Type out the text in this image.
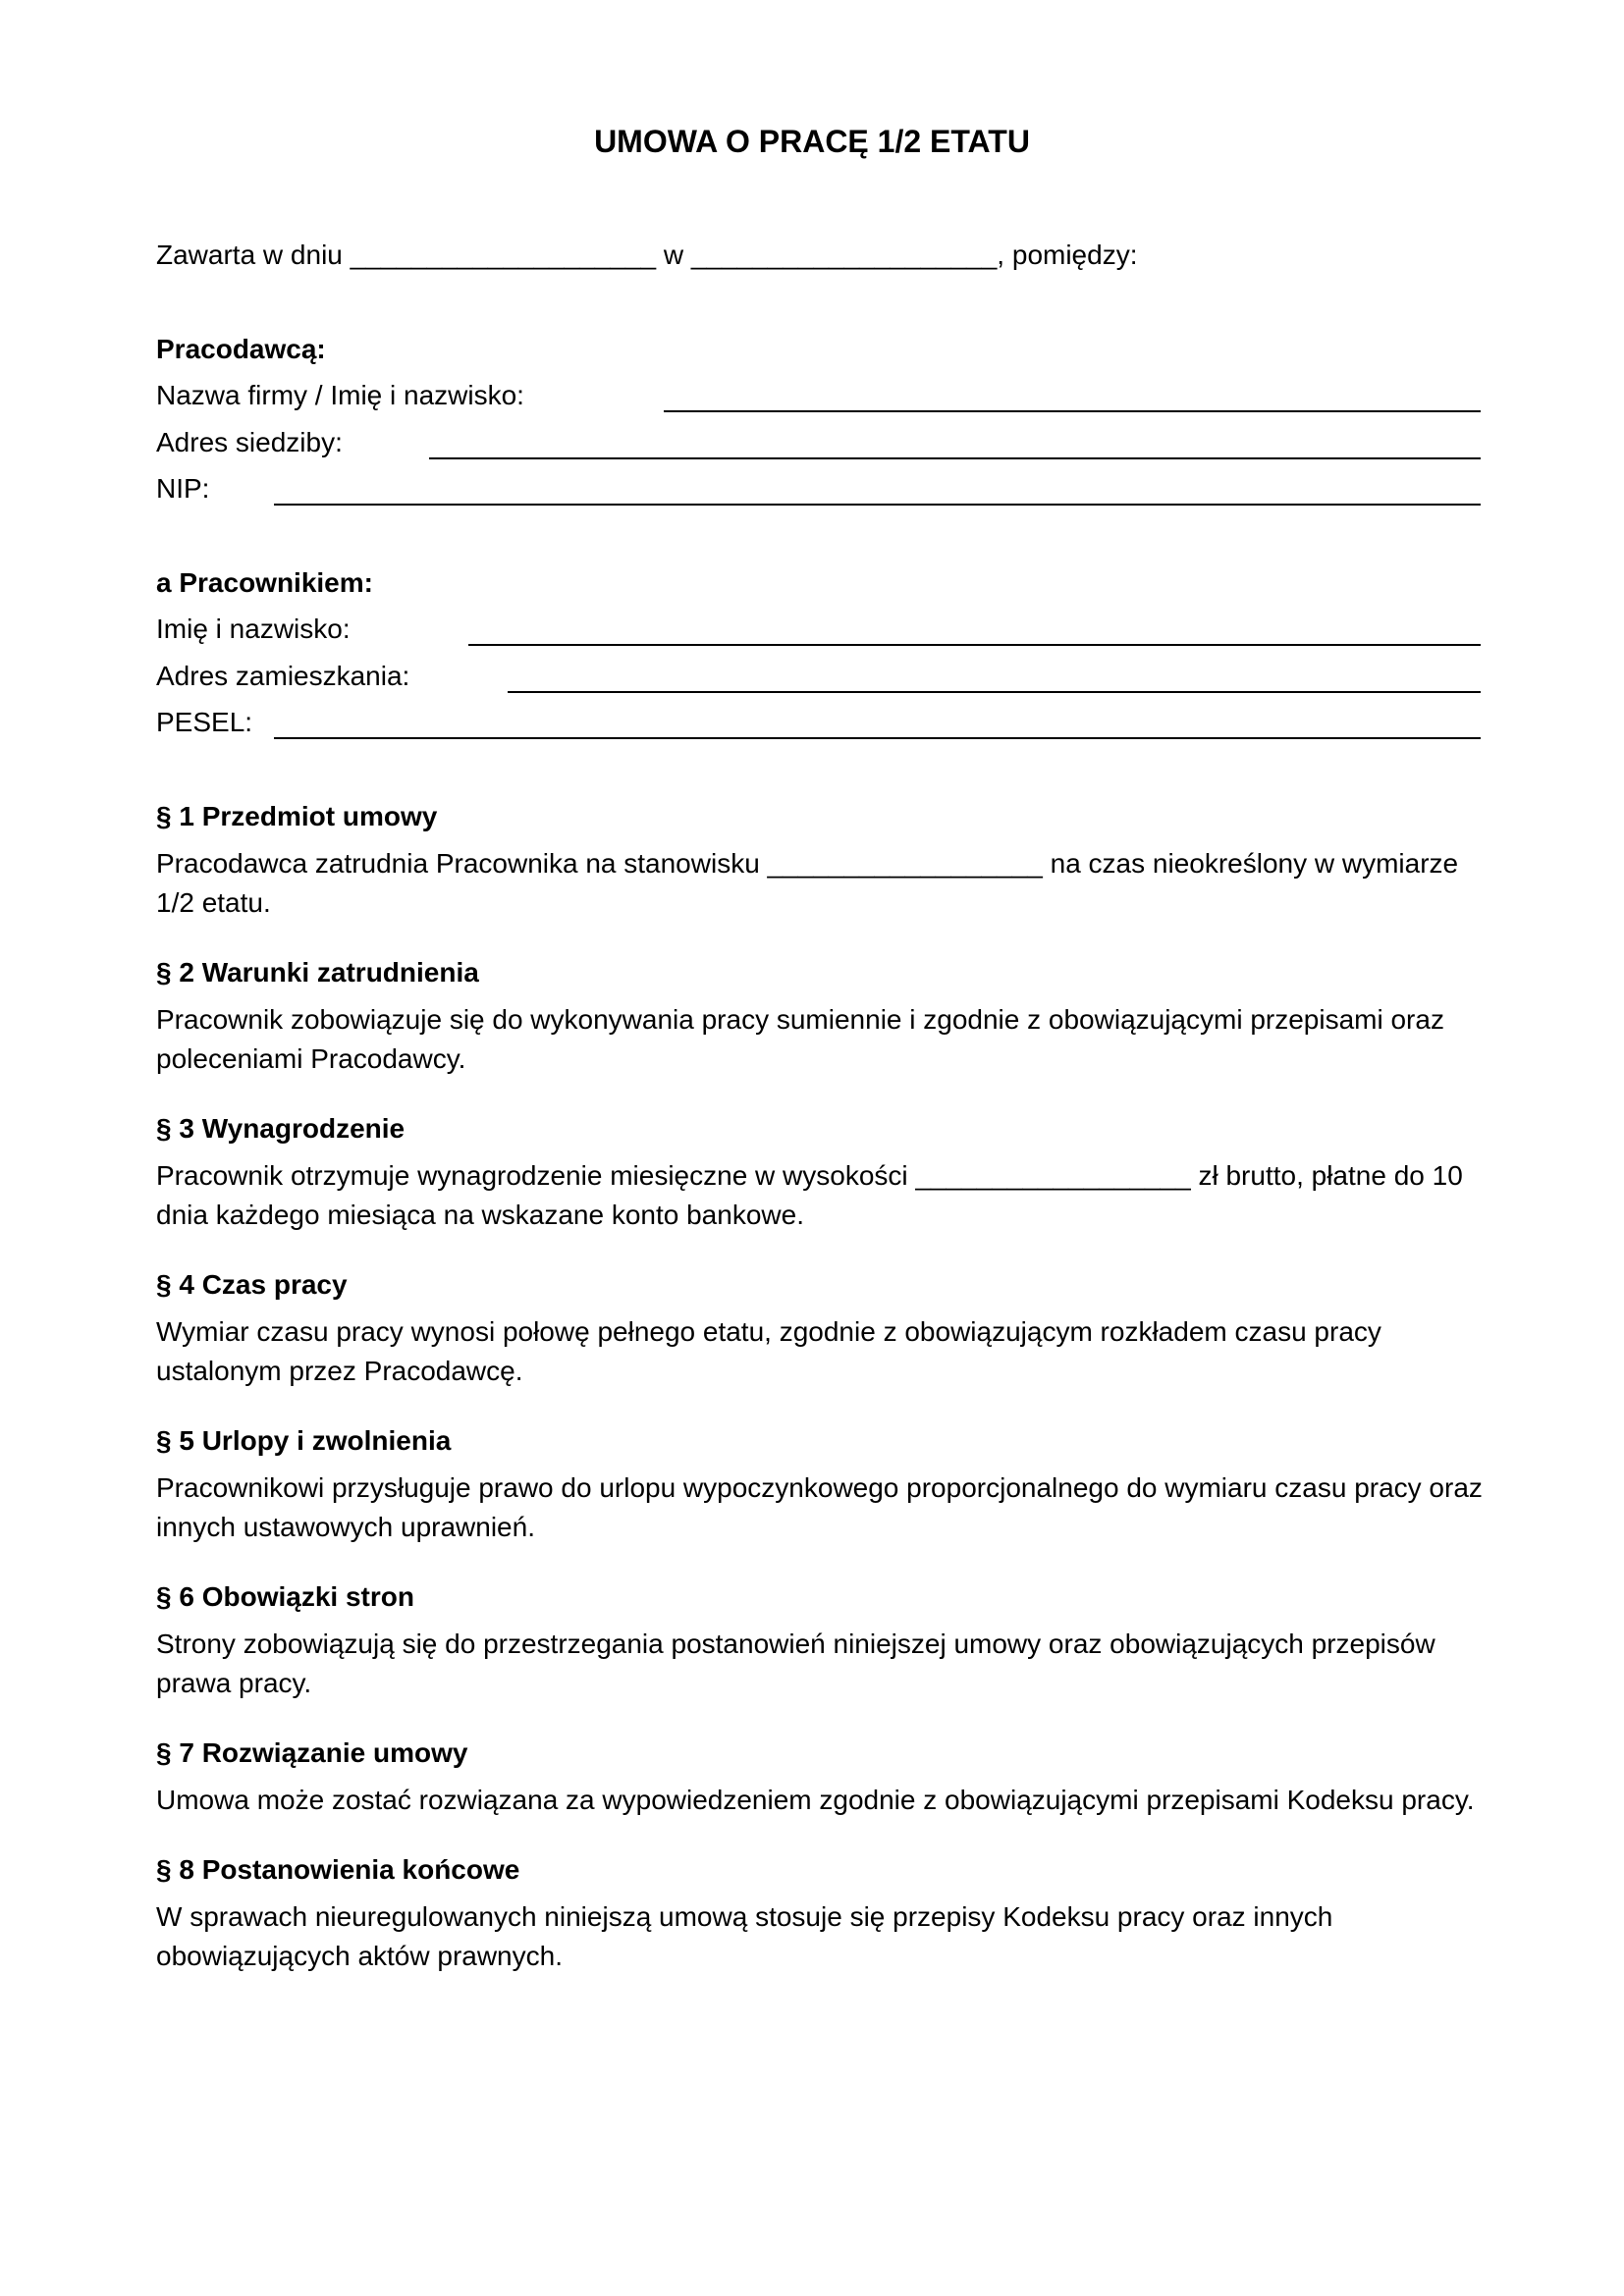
UMOWA O PRACĘ 1/2 ETATU
Zawarta w dniu ____________________ w ____________________, pomiędzy:
Pracodawcą:
Nazwa firmy / Imię i nazwisko:
Adres siedziby:
NIP:
a Pracownikiem:
Imię i nazwisko:
Adres zamieszkania:
PESEL:
§ 1 Przedmiot umowy
Pracodawca zatrudnia Pracownika na stanowisku __________________ na czas nieokreślony w wymiarze 1/2 etatu.
§ 2 Warunki zatrudnienia
Pracownik zobowiązuje się do wykonywania pracy sumiennie i zgodnie z obowiązującymi przepisami oraz poleceniami Pracodawcy.
§ 3 Wynagrodzenie
Pracownik otrzymuje wynagrodzenie miesięczne w wysokości __________________ zł brutto, płatne do 10 dnia każdego miesiąca na wskazane konto bankowe.
§ 4 Czas pracy
Wymiar czasu pracy wynosi połowę pełnego etatu, zgodnie z obowiązującym rozkładem czasu pracy ustalonym przez Pracodawcę.
§ 5 Urlopy i zwolnienia
Pracownikowi przysługuje prawo do urlopu wypoczynkowego proporcjonalnego do wymiaru czasu pracy oraz innych ustawowych uprawnień.
§ 6 Obowiązki stron
Strony zobowiązują się do przestrzegania postanowień niniejszej umowy oraz obowiązujących przepisów prawa pracy.
§ 7 Rozwiązanie umowy
Umowa może zostać rozwiązana za wypowiedzeniem zgodnie z obowiązującymi przepisami Kodeksu pracy.
§ 8 Postanowienia końcowe
W sprawach nieuregulowanych niniejszą umową stosuje się przepisy Kodeksu pracy oraz innych obowiązujących aktów prawnych.
